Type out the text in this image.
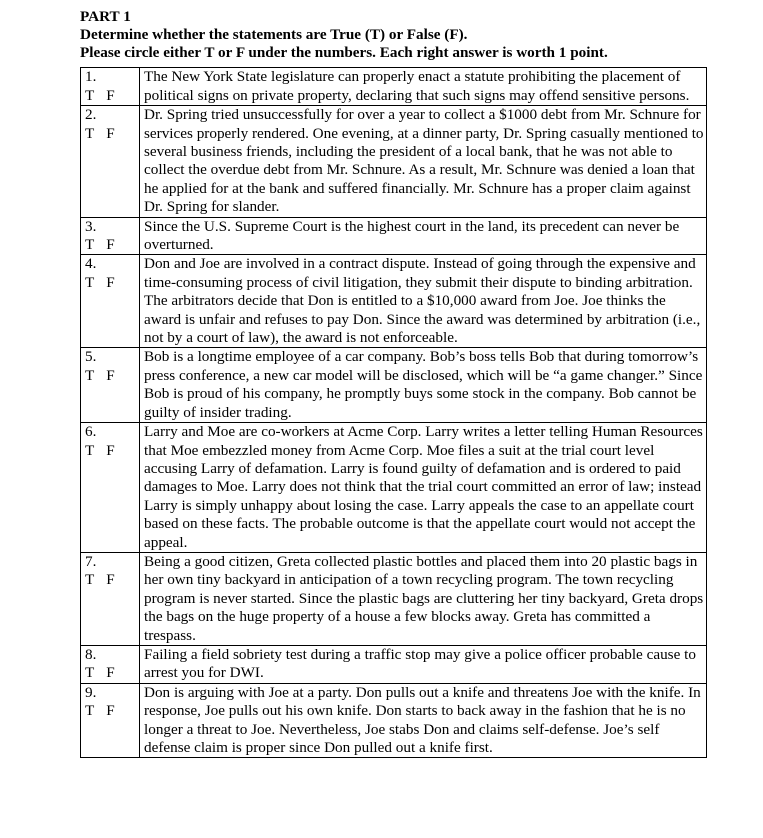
PART 1
Determine whether the statements are True (T) or False (F).
Please circle either T or F under the numbers. Each right answer is worth 1 point.
1.
T   F	The New York State legislature can properly enact a statute prohibiting the placement of political signs on private property, declaring that such signs may offend sensitive persons.

2.
T   F	Dr. Spring tried unsuccessfully for over a year to collect a $1000 debt from Mr. Schnure for services properly rendered. One evening, at a dinner party, Dr. Spring casually mentioned to several business friends, including the president of a local bank, that he was not able to collect the overdue debt from Mr. Schnure. As a result, Mr. Schnure was denied a loan that he applied for at the bank and suffered financially. Mr. Schnure has a proper claim against Dr. Spring for slander.

3.
T   F	Since the U.S. Supreme Court is the highest court in the land, its precedent can never be overturned.

4.
T   F	Don and Joe are involved in a contract dispute. Instead of going through the expensive and time-consuming process of civil litigation, they submit their dispute to binding arbitration. The arbitrators decide that Don is entitled to a $10,000 award from Joe. Joe thinks the award is unfair and refuses to pay Don. Since the award was determined by arbitration (i.e., not by a court of law), the award is not enforceable.

5.
T   F	Bob is a longtime employee of a car company. Bob’s boss tells Bob that during tomorrow’s press conference, a new car model will be disclosed, which will be “a game changer.” Since Bob is proud of his company, he promptly buys some stock in the company. Bob cannot be guilty of insider trading.

6.
T   F	Larry and Moe are co-workers at Acme Corp. Larry writes a letter telling Human Resources that Moe embezzled money from Acme Corp. Moe files a suit at the trial court level accusing Larry of defamation. Larry is found guilty of defamation and is ordered to paid damages to Moe. Larry does not think that the trial court committed an error of law; instead Larry is simply unhappy about losing the case. Larry appeals the case to an appellate court based on these facts. The probable outcome is that the appellate court would not accept the appeal.

7.
T   F	Being a good citizen, Greta collected plastic bottles and placed them into 20 plastic bags in her own tiny backyard in anticipation of a town recycling program. The town recycling program is never started. Since the plastic bags are cluttering her tiny backyard, Greta drops the bags on the huge property of a house a few blocks away. Greta has committed a trespass.

8.
T   F	Failing a field sobriety test during a traffic stop may give a police officer probable cause to arrest you for DWI.

9.
T   F	Don is arguing with Joe at a party. Don pulls out a knife and threatens Joe with the knife. In response, Joe pulls out his own knife. Don starts to back away in the fashion that he is no longer a threat to Joe. Nevertheless, Joe stabs Don and claims self-defense. Joe’s self defense claim is proper since Don pulled out a knife first.
